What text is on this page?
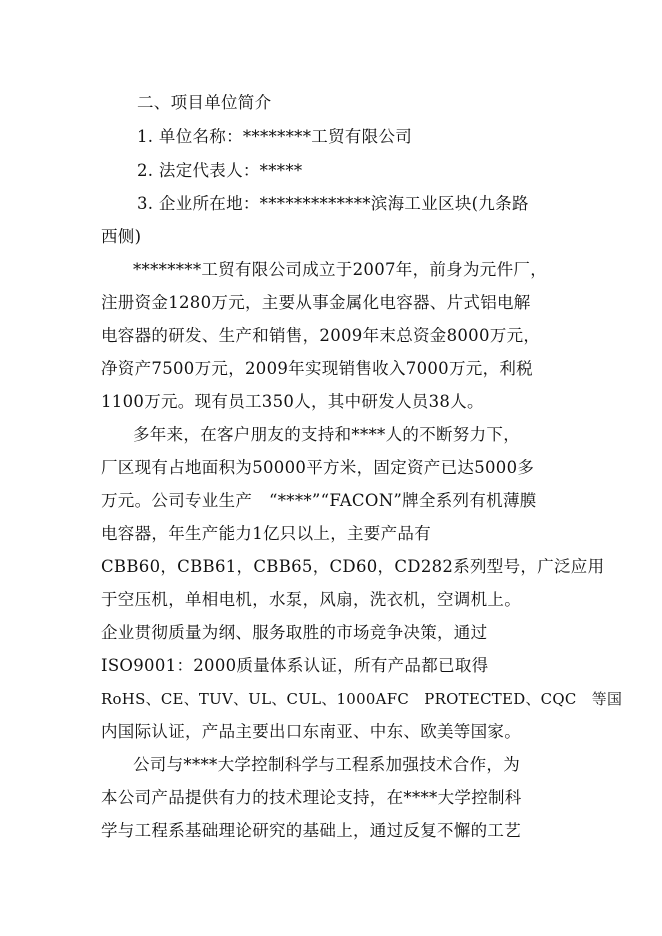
二、项目单位简介
1. 单位名称：********工贸有限公司
2. 法定代表人：*****
3. 企业所在地：*************滨海工业区块(九条路
西侧)
********工贸有限公司成立于2007年，前身为元件厂，
注册资金1280万元，主要从事金属化电容器、片式铝电解
电容器的研发、生产和销售，2009年末总资金8000万元，
净资产7500万元，2009年实现销售收入7000万元，利税
1100万元。现有员工350人，其中研发人员38人。
多年来，在客户朋友的支持和****人的不断努力下，
厂区现有占地面积为50000平方米，固定资产已达5000多
万元。公司专业生产　“****”“FACON”牌全系列有机薄膜
电容器，年生产能力1亿只以上，主要产品有
CBB60，CBB61，CBB65，CD60，CD282系列型号，广泛应用
于空压机，单相电机，水泵，风扇，洗衣机，空调机上。
企业贯彻质量为纲、服务取胜的市场竞争决策，通过
ISO9001：2000质量体系认证，所有产品都已取得
RoHS、CE、TUV、UL、CUL、1000AFC　PROTECTED、CQC　等国
内国际认证，产品主要出口东南亚、中东、欧美等国家。
公司与****大学控制科学与工程系加强技术合作，为
本公司产品提供有力的技术理论支持，在****大学控制科
学与工程系基础理论研究的基础上，通过反复不懈的工艺
